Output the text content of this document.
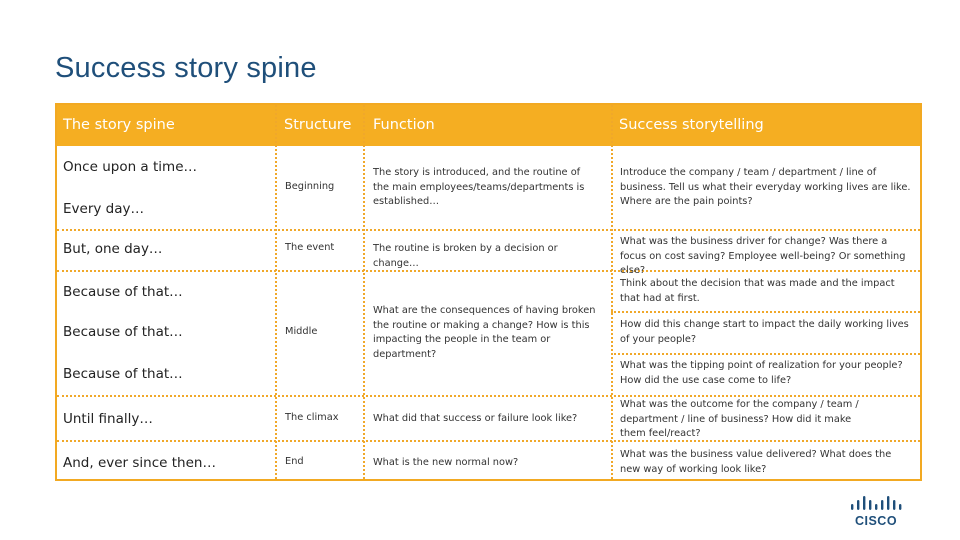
Success story spine
The story spine	Structure Function	Success storytelling
Once upon a time…
Every day…
But, one day…
Because of that…
Because of that…
Because of that…
Until finally…
And, ever since then…
Beginning
The event
Middle
The climax
End
The story is introduced, and the routine of the main employees/teams/departments is established…
The routine is broken by a decision or change…
What are the consequences of having broken the routine or making a change? How is this impacting the people in the team or department?
What did that success or failure look like?
What is the new normal now?
Introduce the company / team / department / line of business. Tell us what their everyday working lives are like. Where are the pain points?
What was the business driver for change? Was there a focus on cost saving? Employee well-being? Or something else?
Think about the decision that was made and the impact that had at first.
How did this change start to impact the daily working lives of your people?
What was the tipping point of realization for your people? How did the use case come to life?
What was the outcome for the company / team / department / line of business? How did it make them feel/react?
What was the business value delivered? What does the new way of working look like?
CISCO
